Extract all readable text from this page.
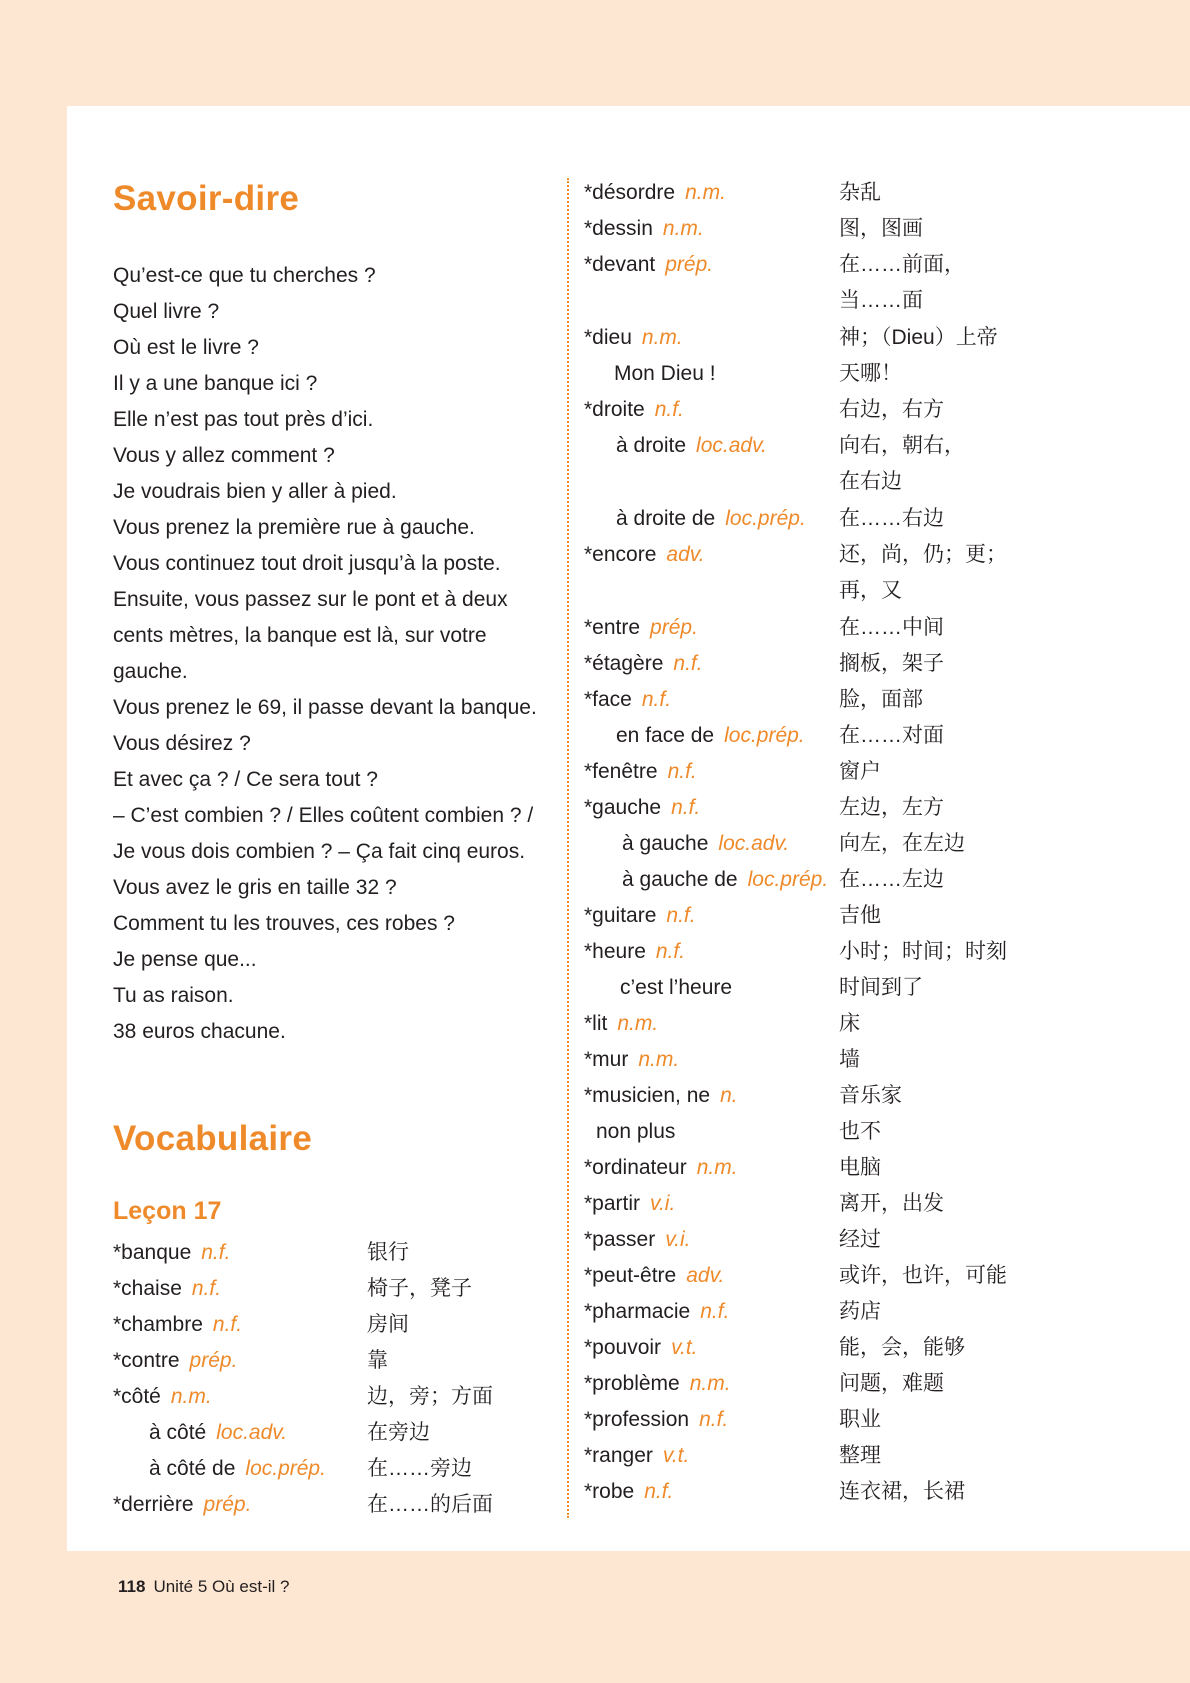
Savoir-dire
Qu’est-ce que tu cherches ?
Quel livre ?
Où est le livre ?
Il y a une banque ici ?
Elle n’est pas tout près d’ici.
Vous y allez comment ?
Je voudrais bien y aller à pied.
Vous prenez la première rue à gauche.
Vous continuez tout droit jusqu’à la poste.
Ensuite, vous passez sur le pont et à deux
cents mètres, la banque est là, sur votre
gauche.
Vous prenez le 69, il passe devant la banque.
Vous désirez ?
Et avec ça ? / Ce sera tout ?
– C’est combien ? / Elles coûtent combien ? /
Je vous dois combien ? – Ça fait cinq euros.
Vous avez le gris en taille 32 ?
Comment tu les trouves, ces robes ?
Je pense que...
Tu as raison.
38 euros chacune.
Vocabulaire
Leçon 17
*banque n.f.	银行
*chaise n.f.	椅子，凳子
*chambre n.f.	房间
*contre prép.	靠
*côté n.m.	边，旁；方面
à côté loc.adv.	在旁边
à côté de loc.prép. 在……旁边
*derrière prép.	在……的后面
*désordre n.m.	杂乱
*dessin n.m.	图，图画
*devant prép.	在……前面，
当……面
*dieu n.m.	神；（Dieu）上帝
Mon Dieu !	天哪！
*droite n.f.	右边，右方
à droite loc.adv.	向右，朝右，
在右边
à droite de loc.prép. 在……右边
*encore adv.	还，尚，仍；更；
再，又
*entre prép.	在……中间
*étagère n.f.	搁板，架子
*face n.f.	脸，面部
en face de loc.prép. 在……对面
*fenêtre n.f.	窗户
*gauche n.f.	左边，左方
à gauche loc.adv. 向左，在左边
à gauche de loc.prép. 在……左边
*guitare n.f.	吉他
*heure n.f.	小时；时间；时刻
c’est l’heure	时间到了
*lit n.m.	床
*mur n.m.	墙
*musicien, ne n.	音乐家
non plus	也不
*ordinateur n.m.	电脑
*partir v.i.	离开，出发
*passer v.i.	经过
*peut-être adv.	或许，也许，可能
*pharmacie n.f.	药店
*pouvoir v.t.	能，会，能够
*problème n.m.	问题，难题
*profession n.f.	职业
*ranger v.t.	整理
*robe n.f.	连衣裙，长裙
118 Unité 5 Où est-il ?
